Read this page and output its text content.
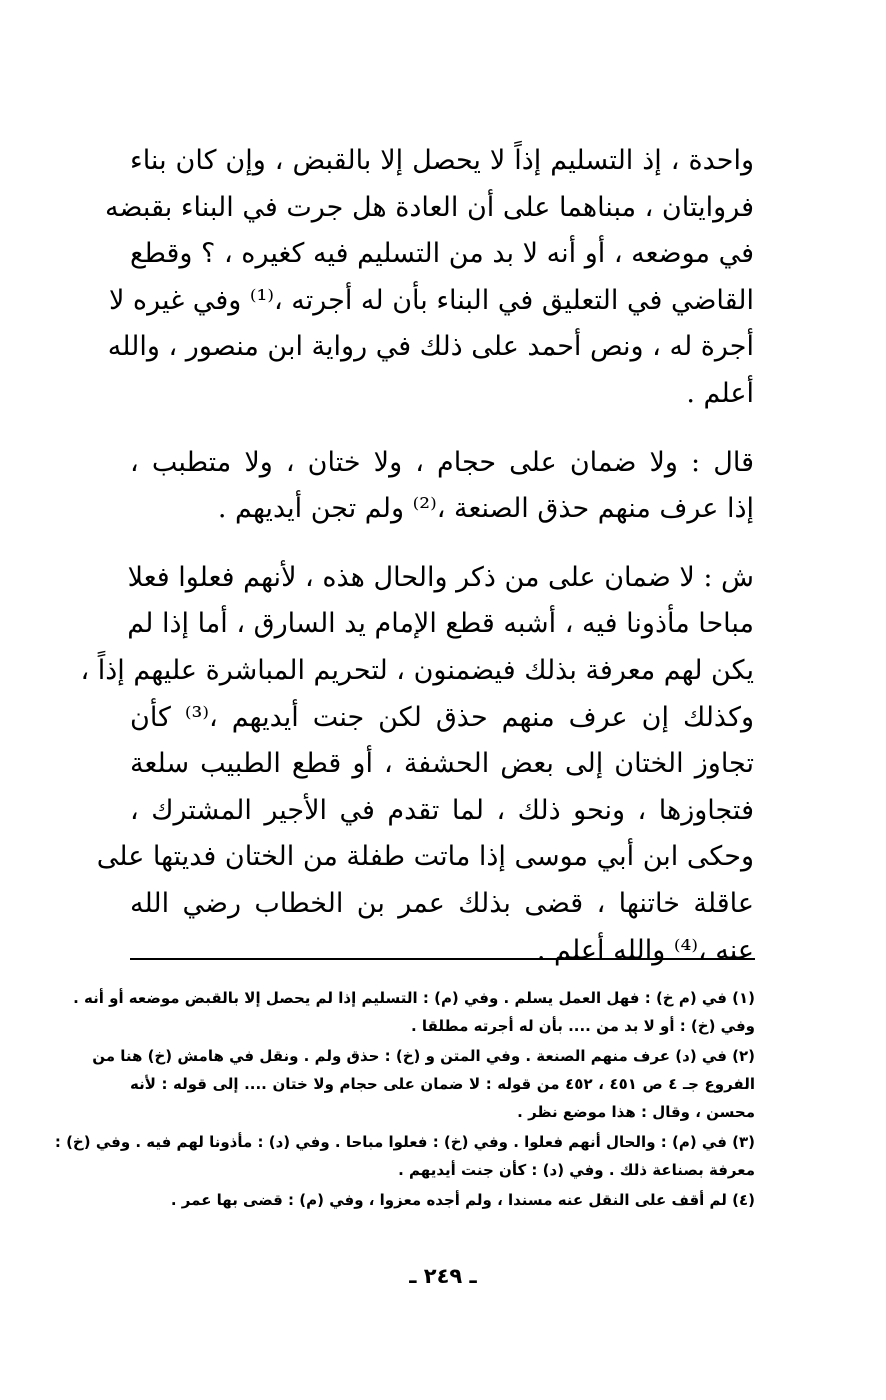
واحدة ، إذ التسليم إذاً لا يحصل إلا بالقبض ، وإن كان بناء
فروايتان ، مبناهما على أن العادة هل جرت في البناء بقبضه
في موضعه ، أو أنه لا بد من التسليم فيه كغيره ، ؟ وقطع
القاضي في التعليق في البناء بأن له أجرته ،⁽¹⁾ وفي غيره لا
أجرة له ، ونص أحمد على ذلك في رواية ابن منصور ، والله
أعلم .
قال : ولا ضمان على حجام ، ولا ختان ، ولا متطبب ،
إذا عرف منهم حذق الصنعة ،⁽²⁾ ولم تجن أيديهم .
ش : لا ضمان على من ذكر والحال هذه ، لأنهم فعلوا فعلا
مباحا مأذونا فيه ، أشبه قطع الإمام يد السارق ، أما إذا لم
يكن لهم معرفة بذلك فيضمنون ، لتحريم المباشرة عليهم إذاً ،
وكذلك إن عرف منهم حذق لكن جنت أيديهم ،⁽³⁾ كأن
تجاوز الختان إلى بعض الحشفة ، أو قطع الطبيب سلعة
فتجاوزها ، ونحو ذلك ، لما تقدم في الأجير المشترك ،
وحكى ابن أبي موسى إذا ماتت طفلة من الختان فديتها على
عاقلة خاتنها ، قضى بذلك عمر بن الخطاب رضي الله
عنه ،⁽⁴⁾ والله أعلم .
(١) في (م خ) : فهل العمل يسلم . وفي (م) : التسليم إذا لم يحصل إلا بالقبض موضعه أو أنه .
وفي (خ) : أو لا بد من .... بأن له أجرته مطلقا .
(٢) في (د) عرف منهم الصنعة . وفي المتن و (خ) : حذق ولم . ونقل في هامش (خ) هنا من
الفروع جـ ٤ ص ٤٥١ ، ٤٥٢ من قوله : لا ضمان على حجام ولا ختان .... إلى قوله : لأنه
محسن ، وقال : هذا موضع نظر .
(٣) في (م) : والحال أنهم فعلوا . وفي (خ) : فعلوا مباحا . وفي (د) : مأذونا لهم فيه . وفي (خ) :
معرفة بصناعة ذلك . وفي (د) : كأن جنت أيديهم .
(٤) لم أقف على النقل عنه مسندا ، ولم أجده معزوا ، وفي (م) : قضى بها عمر .
ـ ٢٤٩ ـ
